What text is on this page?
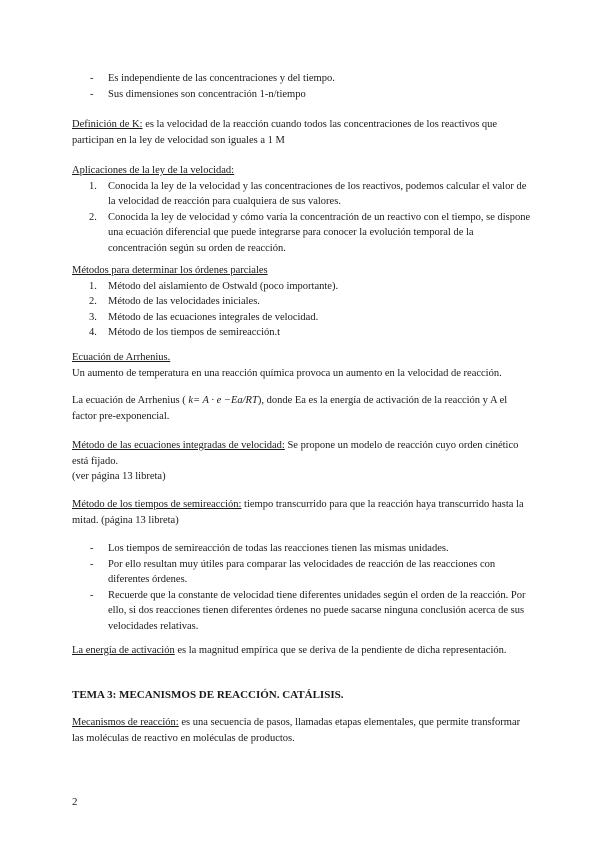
- Es independiente de las concentraciones y del tiempo.
- Sus dimensiones son concentración 1-n/tiempo

Definición de K: es la velocidad de la reacción cuando todos las concentraciones de los reactivos que participan en la ley de velocidad son iguales a 1 M

Aplicaciones de la ley de la velocidad:

1. Conocida la ley de la velocidad y las concentraciones de los reactivos, podemos calcular el valor de la velocidad de reacción para cualquiera de sus valores.
2. Conocida la ley de velocidad y cómo varía la concentración de un reactivo con el tiempo, se dispone una ecuación diferencial que puede integrarse para conocer la evolución temporal de la concentración según su orden de reacción.

Métodos para determinar los órdenes parciales

1. Método del aislamiento de Ostwald (poco importante).
2. Método de las velocidades iniciales.
3. Método de las ecuaciones integrales de velocidad.
4. Método de los tiempos de semireacción.t

Ecuación de Arrhenius.

Un aumento de temperatura en una reacción química provoca un aumento en la velocidad de reacción.

La ecuación de Arrhenius ( k= A · e −Ea/RT), donde Ea es la energía de activación de la reacción y A el factor pre-exponencial.

Método de las ecuaciones integradas de velocidad: Se propone un modelo de reacción cuyo orden cinético está fijado.

(ver página 13 libreta)

Método de los tiempos de semireacción: tiempo transcurrido para que la reacción haya transcurrido hasta la mitad. (página 13 libreta)

- Los tiempos de semireacción de todas las reacciones tienen las mismas unidades.
- Por ello resultan muy útiles para comparar las velocidades de reacción de las reacciones con diferentes órdenes.
- Recuerde que la constante de velocidad tiene diferentes unidades según el orden de la reacción. Por ello, si dos reacciones tienen diferentes órdenes no puede sacarse ninguna conclusión acerca de sus velocidades relativas.

La energía de activación es la magnitud empírica que se deriva de la pendiente de dicha representación.

TEMA 3: MECANISMOS DE REACCIÓN. CATÁLISIS.

Mecanismos de reacción: es una secuencia de pasos, llamadas etapas elementales, que permite transformar las moléculas de reactivo en moléculas de productos.

2
